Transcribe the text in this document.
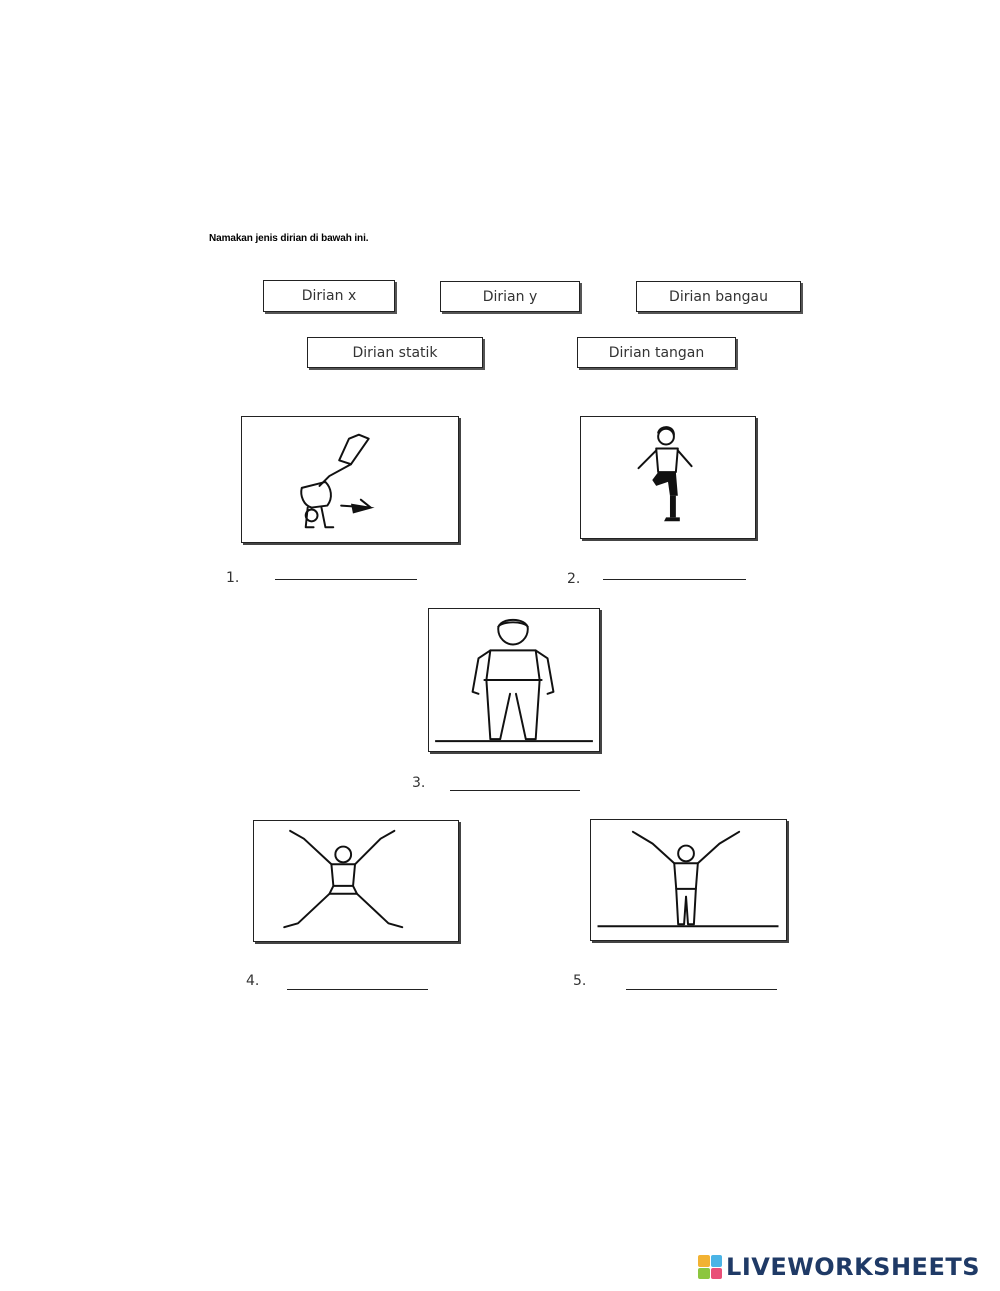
Namakan jenis dirian di bawah ini.
Dirian x	Dirian y	Dirian bangau
Dirian statik	Dirian tangan
1.	2.
3.
4.	5.
LIVEWORKSHEETS
